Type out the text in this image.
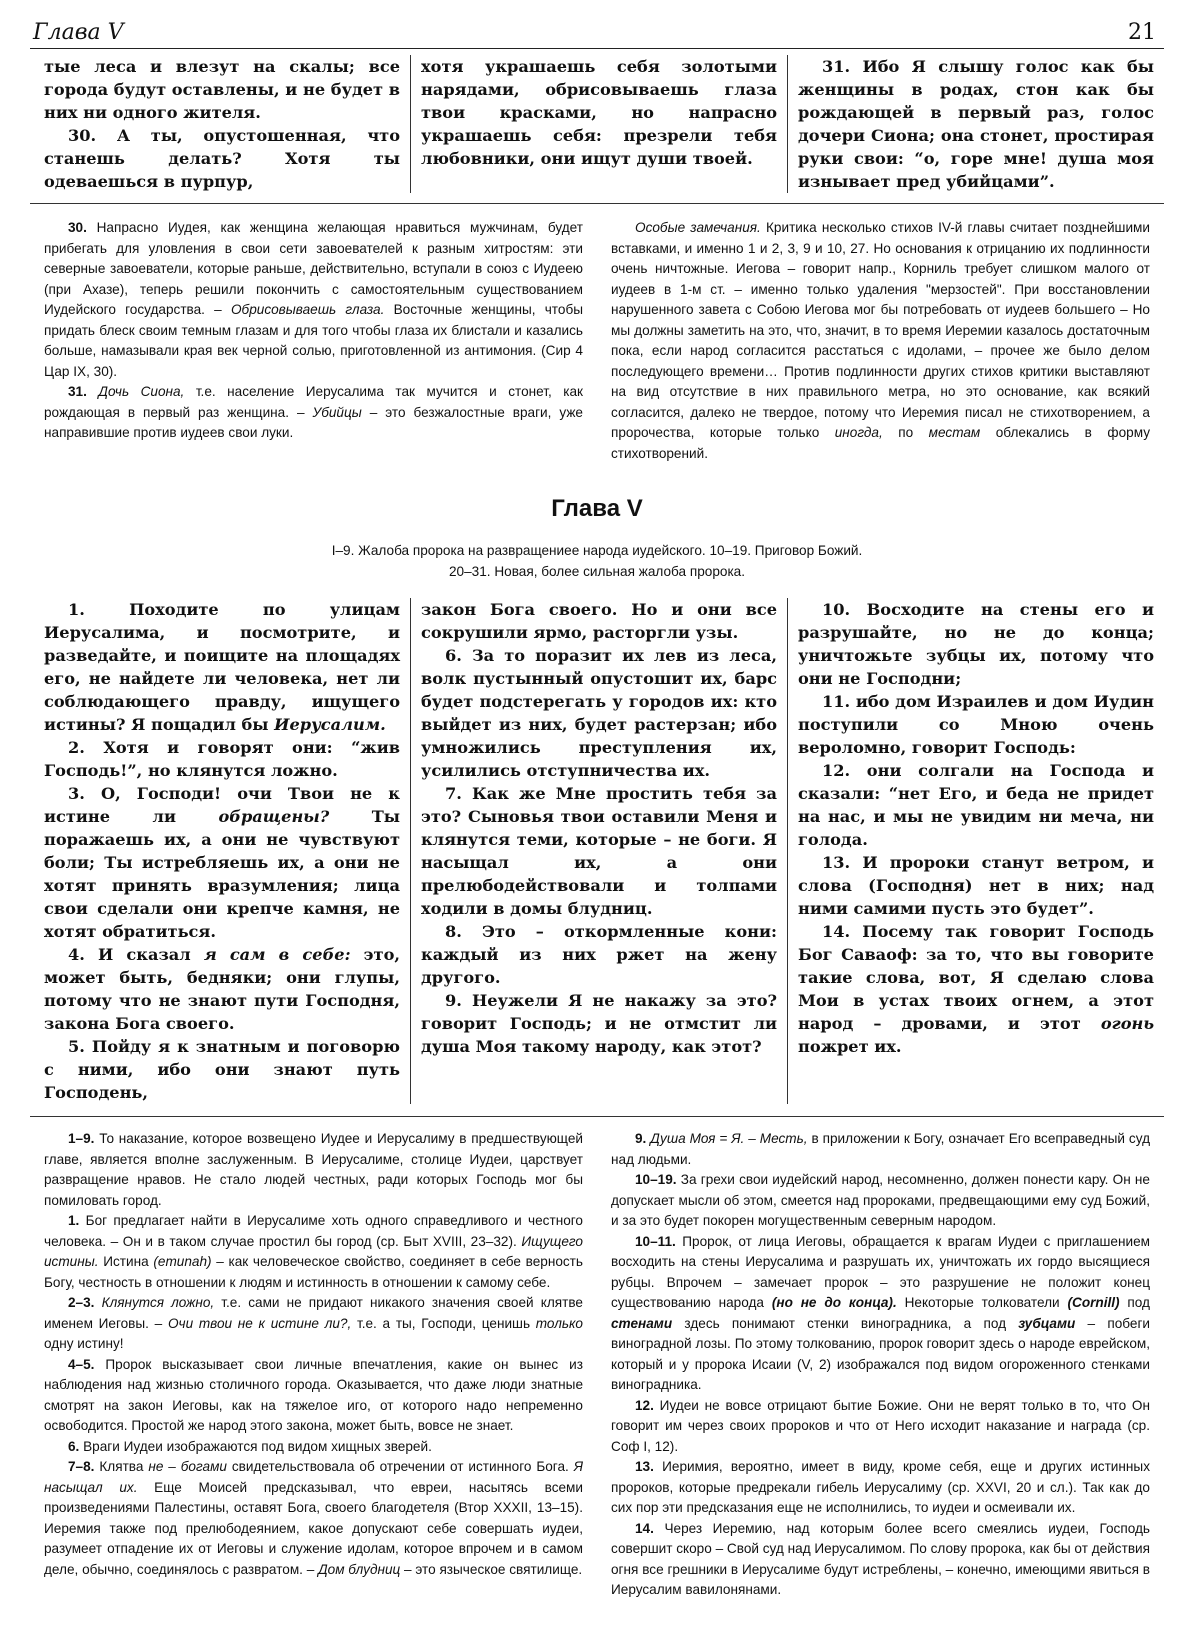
Глава V	21

тые леса и влезут на скалы; все города будут оставлены, и не будет в них ни одного жителя.

30. А ты, опустошенная, что станешь делать? Хотя ты одеваешься в пурпур,

хотя украшаешь себя золотыми нарядами, обрисовываешь глаза твои красками, но напрасно украшаешь себя: презрели тебя любовники, они ищут души твоей.

31. Ибо Я слышу голос как бы женщины в родах, стон как бы рождающей в первый раз, голос дочери Сиона; она стонет, простирая руки свои: “о, горе мне! душа моя изнывает пред убийцами”.

30. Напрасно Иудея, как женщина желающая нравиться мужчинам, будет прибегать для уловления в свои сети завоевателей к разным хитростям: эти северные завоеватели, которые раньше, действительно, вступали в союз с Иудеею (при Ахазе), теперь решили покончить с самостоятельным существованием Иудейского государства. – Обрисовываешь глаза. Восточные женщины, чтобы придать блеск своим темным глазам и для того чтобы глаза их блистали и казались больше, намазывали края век черной солью, приготовленной из антимония. (Сир 4 Цар IX, 30).

31. Дочь Сиона, т.е. население Иерусалима так мучится и стонет, как рождающая в первый раз женщина. – Убийцы – это безжалостные враги, уже направившие против иудеев свои луки.

Особые замечания. Критика несколько стихов IV-й главы считает позднейшими вставками, и именно 1 и 2, 3, 9 и 10, 27. Но основания к отрицанию их подлинности очень ничтожные. Иегова – говорит напр., Корниль требует слишком малого от иудеев в 1-м ст. – именно только удаления "мерзостей". При восстановлении нарушенного завета с Собою Иегова мог бы потребовать от иудеев большего – Но мы должны заметить на это, что, значит, в то время Иеремии казалось достаточным пока, если народ согласится расстаться с идолами, – прочее же было делом последующего времени… Против подлинности других стихов критики выставляют на вид отсутствие в них правильного метра, но это основание, как всякий согласится, далеко не твердое, потому что Иеремия писал не стихотворением, а пророчества, которые только иногда, по местам облекались в форму стихотворений.

Глава V
I–9. Жалоба пророка на развращениее народа иудейского. 10–19. Приговор Божий.
20–31. Новая, более сильная жалоба пророка.

1. Походите по улицам Иерусалима, и посмотрите, и разведайте, и поищите на площадях его, не найдете ли человека, нет ли соблюдающего правду, ищущего истины? Я пощадил бы Иерусалим.

2. Хотя и говорят они: “жив Господь!”, но клянутся ложно.

3. О, Господи! очи Твои не к истине ли обращены? Ты поражаешь их, а они не чувствуют боли; Ты истребляешь их, а они не хотят принять вразумления; лица свои сделали они крепче камня, не хотят обратиться.

4. И сказал я сам в себе: это, может быть, бедняки; они глупы, потому что не знают пути Господня, закона Бога своего.

5. Пойду я к знатным и поговорю с ними, ибо они знают путь Господень,

закон Бога своего. Но и они все сокрушили ярмо, расторгли узы.

6. За то поразит их лев из леса, волк пустынный опустошит их, барс будет подстерегать у городов их: кто выйдет из них, будет растерзан; ибо умножились преступления их, усилились отступничества их.

7. Как же Мне простить тебя за это? Сыновья твои оставили Меня и клянутся теми, которые – не боги. Я насыщал их, а они прелюбодействовали и толпами ходили в домы блудниц.

8. Это – откормленные кони: каждый из них ржет на жену другого.

9. Неужели Я не накажу за это? говорит Господь; и не отмстит ли душа Моя такому народу, как этот?

10. Восходите на стены его и разрушайте, но не до конца; уничтожьте зубцы их, потому что они не Господни;

11. ибо дом Израилев и дом Иудин поступили со Мною очень вероломно, говорит Господь:

12. они солгали на Господа и сказали: “нет Его, и беда не придет на нас, и мы не увидим ни меча, ни голода.

13. И пророки станут ветром, и слова (Господня) нет в них; над ними самими пусть это будет”.

14. Посему так говорит Господь Бог Саваоф: за то, что вы говорите такие слова, вот, Я сделаю слова Мои в устах твоих огнем, а этот народ – дровами, и этот огонь пожрет их.

1–9. То наказание, которое возвещено Иудее и Иерусалиму в предшествующей главе, является вполне заслуженным. В Иерусалиме, столице Иудеи, царствует развращение нравов. Не стало людей честных, ради которых Господь мог бы помиловать город.

1. Бог предлагает найти в Иерусалиме хоть одного справедливого и честного человека. – Он и в таком случае простил бы город (ср. Быт XVIII, 23–32). Ищущего истины. Истина (emunah) – как человеческое свойство, соединяет в себе верность Богу, честность в отношении к людям и истинность в отношении к самому себе.

2–3. Клянутся ложно, т.е. сами не придают никакого значения своей клятве именем Иеговы. – Очи твои не к истине ли?, т.е. а ты, Господи, ценишь только одну истину!

4–5. Пророк высказывает свои личные впечатления, какие он вынес из наблюдения над жизнью столичного города. Оказывается, что даже люди знатные смотрят на закон Иеговы, как на тяжелое иго, от которого надо непременно освободится. Простой же народ этого закона, может быть, вовсе не знает.

6. Враги Иудеи изображаются под видом хищных зверей.

7–8. Клятва не – богами свидетельствовала об отречении от истинного Бога. Я насыщал их. Еще Моисей предсказывал, что евреи, насытясь всеми произведениями Палестины, оставят Бога, своего благодетеля (Втор XXXII, 13–15). Иеремия также под прелюбодеянием, какое допускают себе совершать иудеи, разумеет отпадение их от Иеговы и служение идолам, которое впрочем и в самом деле, обычно, соединялось с развратом. – Дом блудниц – это языческое святилище.

9. Душа Моя = Я. – Месть, в приложении к Богу, означает Его всеправедный суд над людьми.

10–19. За грехи свои иудейский народ, несомненно, должен понести кару. Он не допускает мысли об этом, смеется над пророками, предвещающими ему суд Божий, и за это будет покорен могущественным северным народом.

10–11. Пророк, от лица Иеговы, обращается к врагам Иудеи с приглашением восходить на стены Иерусалима и разрушать их, уничтожать их гордо высящиеся рубцы. Впрочем – замечает пророк – это разрушение не положит конец существованию народа (но не до конца). Некоторые толкователи (Cornill) под стенами здесь понимают стенки виноградника, а под зубцами – побеги виноградной лозы. По этому толкованию, пророк говорит здесь о народе еврейском, который и у пророка Исаии (V, 2) изображался под видом огороженного стенками виноградника.

12. Иудеи не вовсе отрицают бытие Божие. Они не верят только в то, что Он говорит им через своих пророков и что от Него исходит наказание и награда (ср. Соф I, 12).

13. Иеримия, вероятно, имеет в виду, кроме себя, еще и других истинных пророков, которые предрекали гибель Иерусалиму (ср. XXVI, 20 и сл.). Так как до сих пор эти предсказания еще не исполнились, то иудеи и осмеивали их.

14. Через Иеремию, над которым более всего смеялись иудеи, Господь совершит скоро – Свой суд над Иерусалимом. По слову пророка, как бы от действия огня все грешники в Иерусалиме будут истреблены, – конечно, имеющими явиться в Иерусалим вавилонянами.
